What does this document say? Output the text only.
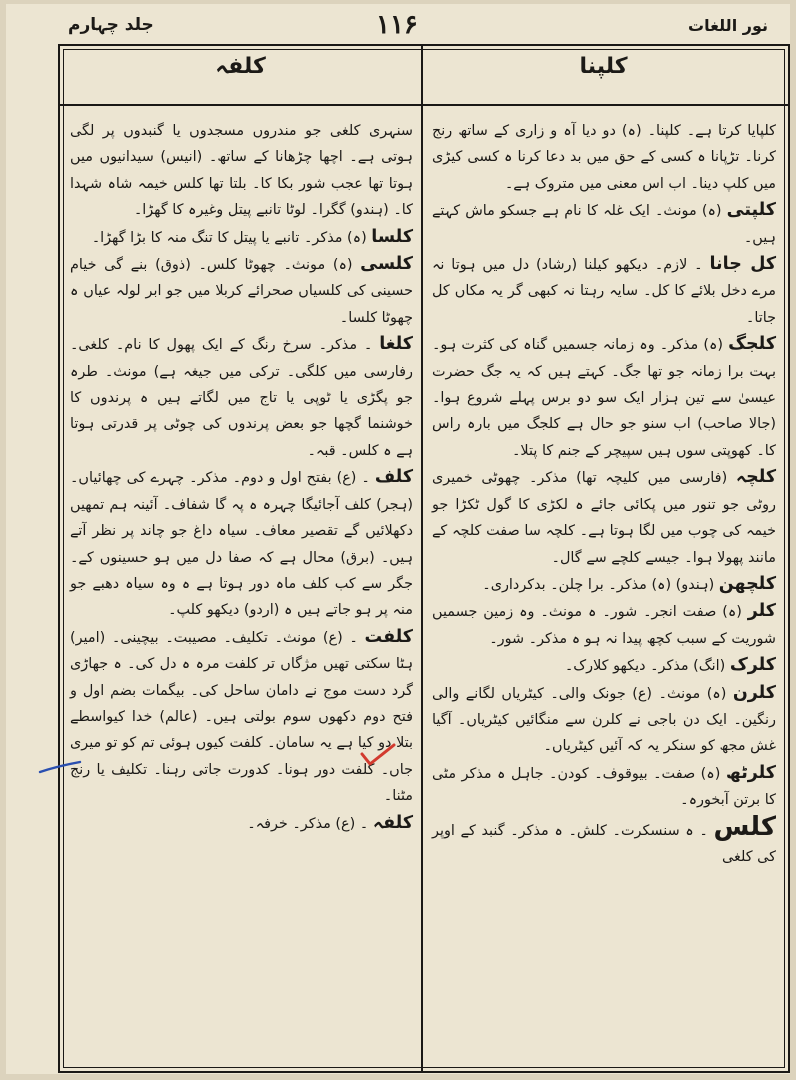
جلد چہارم	۱۱۶	نور اللغات
کلفہ	کلپنا
کلپایا کرتا ہے۔ کلپنا۔ (ہ) دو دیا آہ و زاری کے ساتھ رنج کرنا۔ تڑپانا ہ کسی کے حق میں بد دعا کرنا ہ کسی کیڑی میں کلپ دینا۔ اب اس معنی میں متروک ہے۔
کلپتی (ہ) مونث۔ ایک غلہ کا نام ہے جسکو ماش کہتے ہیں۔
کل جانا ۔ لازم۔ دیکھو کیلنا (رشاد) دل میں ہوتا نہ مرے دخل بلائے کا کل۔ سایہ رہتا نہ کبھی گر یہ مکاں کل جاتا۔
کلجگ (ہ) مذکر۔ وہ زمانہ جسمیں گناہ کی کثرت ہو۔ بہت برا زمانہ جو تھا جگ۔ کہتے ہیں کہ یہ جگ حضرت عیسیٰ سے تین ہزار ایک سو دو برس پہلے شروع ہوا۔ (جالا صاحب) اب سنو جو حال ہے کلجگ میں بارہ راس کا۔ کھوپتی سوں ہیں سپیچر کے جنم کا پتلا۔
کلچہ (فارسی میں کلیچہ تھا) مذکر۔ چھوٹی خمیری روٹی جو تنور میں پکائی جائے ہ لکڑی کا گول ٹکڑا جو خیمہ کی چوب میں لگا ہوتا ہے۔ کلچہ سا صفت کلچہ کے مانند پھولا ہوا۔ جیسے کلچے سے گال۔
کلچھن (ہندو) (ہ) مذکر۔ برا چلن۔ بدکرداری۔
کلر (ہ) صفت انجر۔ شور۔ ہ مونث۔ وہ زمین جسمیں شوریت کے سبب کچھ پیدا نہ ہو ہ مذکر۔ شور۔
کلرک (انگ) مذکر۔ دیکھو کلارک۔
کلرن (ہ) مونث۔ (ع) جونک والی۔ کیٹریاں لگانے والی رنگین۔ ایک دن باجی نے کلرن سے منگائیں کیٹریاں۔ آگیا غش مجھ کو سنکر یہ کہ آئیں کیٹریاں۔
کلرٹھ (ہ) صفت۔ بیوقوف۔ کودن۔ جاہل ہ مذکر مٹی کا برتن آبخورہ۔
کلس ۔ ہ سنسکرت۔ کلش۔ ہ مذکر۔ گنبد کے اوپر کی کلغی
سنہری کلغی جو مندروں مسجدوں یا گنبدوں پر لگی ہوتی ہے۔ اچھا چڑھانا کے ساتھ۔ (انیس) سیدانیوں میں ہوتا تھا عجب شور بکا کا۔ بلتا تھا کلس خیمہ شاہ شہدا کا۔ (ہندو) گگرا۔ لوٹا تانبے پیتل وغیرہ کا گھڑا۔
کلسا (ہ) مذکر۔ تانبے یا پیتل کا تنگ منہ کا بڑا گھڑا۔
کلسی (ہ) مونث۔ چھوٹا کلس۔ (ذوق) بنے گی خیام حسینی کی کلسیاں صحرائے کربلا میں جو ابر لولہ عیاں ہ چھوٹا کلسا۔
کلغا ۔ مذکر۔ سرخ رنگ کے ایک پھول کا نام۔ کلغی۔ رفارسی میں کلگی۔ ترکی میں جیغہ ہے) مونث۔ طرہ جو پگڑی یا ٹوپی یا تاج میں لگاتے ہیں ہ پرندوں کا خوشنما گچھا جو بعض پرندوں کی چوٹی پر قدرتی ہوتا ہے ہ کلس۔ قبہ۔
کلف ۔ (ع) بفتح اول و دوم۔ مذکر۔ چہرے کی چھائیاں۔ (ہجر) کلف آجائیگا چہرہ ہ پہ گا شفاف۔ آئینہ ہم تمھیں دکھلائیں گے تقصیر معاف۔ سیاہ داغ جو چاند پر نظر آتے ہیں۔ (برق) محال ہے کہ صفا دل میں ہو حسینوں کے۔ جگر سے کب کلف ماہ دور ہوتا ہے ہ وہ سیاہ دھبے جو منہ پر ہو جاتے ہیں ہ (اردو) دیکھو کلپ۔
کلفت ۔ (ع) مونث۔ تکلیف۔ مصیبت۔ بیچینی۔ (امیر) ہٹا سکتی تھیں مژگاں تر کلفت مرہ ہ دل کی۔ ہ جھاڑی گرد دست موج نے دامان ساحل کی۔ بیگمات بضم اول و فتح دوم دکھوں سوم بولتی ہیں۔ (عالم) خدا کیواسطے بتلا دو کیا ہے یہ سامان۔ کلفت کیوں ہوئی تم کو تو میری جاں۔ کلفت دور ہونا۔ کدورت جاتی رہنا۔ تکلیف یا رنج مٹنا۔
کلفہ ۔ (ع) مذکر۔ خرفہ۔
